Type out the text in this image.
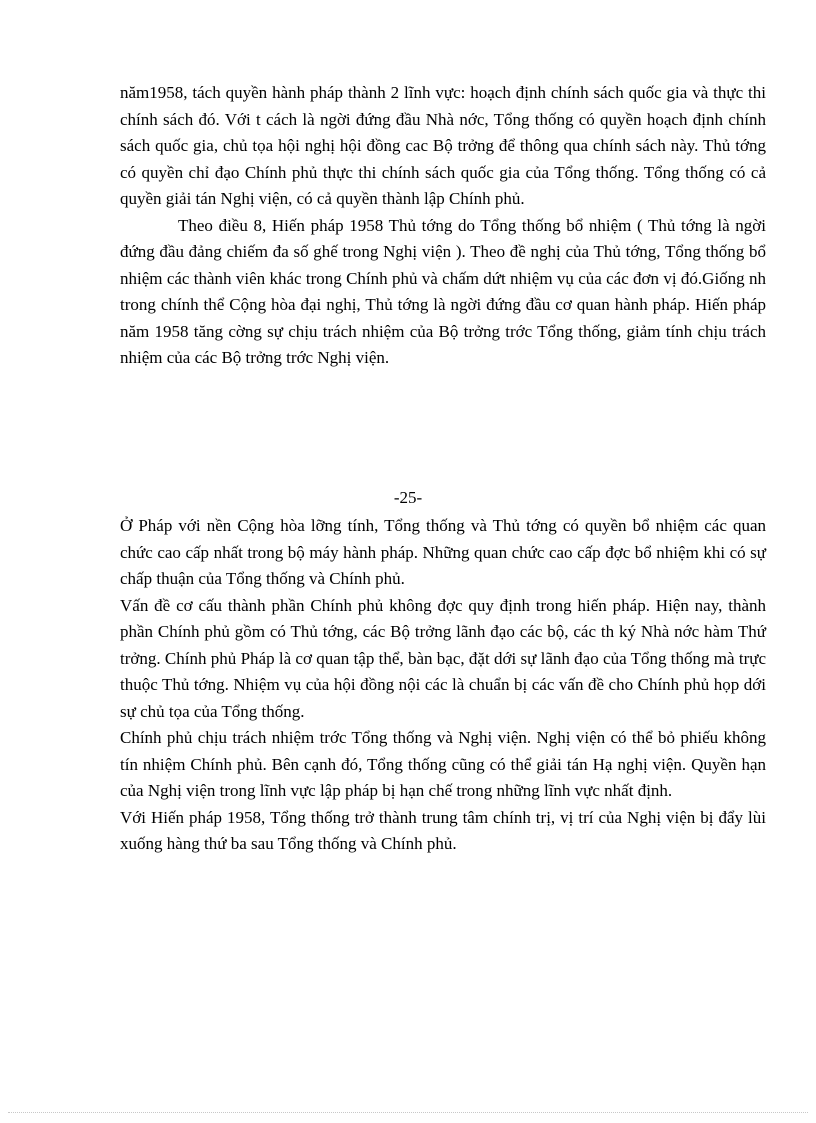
năm1958, tách quyền hành pháp thành 2 lĩnh vực: hoạch định chính sách quốc gia và thực thi chính sách đó. Với t cách là ngời đứng đầu Nhà nớc, Tổng thống có quyền hoạch định chính sách quốc gia, chủ tọa hội nghị hội đồng cac Bộ trởng để thông qua chính sách này. Thủ tớng có quyền chỉ đạo Chính phủ thực thi chính sách quốc gia của Tổng thống. Tổng thống có cả quyền giải tán Nghị viện, có cả quyền thành lập Chính phủ.

Theo điều 8, Hiến pháp 1958 Thủ tớng do Tổng thống bổ nhiệm ( Thủ tớng là ngời đứng đầu đảng chiếm đa số ghế trong Nghị viện ). Theo đề nghị của Thủ tớng, Tổng thống bổ nhiệm các thành viên khác trong Chính phủ và chấm dứt nhiệm vụ của các đơn vị đó.Giống nh trong chính thể Cộng hòa đại nghị, Thủ tớng là ngời đứng đầu cơ quan hành pháp. Hiến pháp năm 1958 tăng cờng sự chịu trách nhiệm của Bộ trởng trớc Tổng thống, giảm tính chịu trách nhiệm của các Bộ trởng trớc Nghị viện.

-25-

Ở Pháp với nền Cộng hòa lỡng tính, Tổng thống và Thủ tớng có quyền bổ nhiệm các quan chức cao cấp nhất trong bộ máy hành pháp. Những quan chức cao cấp đợc bổ nhiệm khi có sự chấp thuận của Tổng thống và Chính phủ.

Vấn đề cơ cấu thành phần Chính phủ không đợc quy định trong hiến pháp. Hiện nay, thành phần Chính phủ gồm có Thủ tớng, các Bộ trởng lãnh đạo các bộ, các th ký Nhà nớc hàm Thứ trởng. Chính phủ Pháp là cơ quan tập thể, bàn bạc, đặt dới sự lãnh đạo của Tổng thống mà trực thuộc Thủ tớng. Nhiệm vụ của hội đồng nội các là chuẩn bị các vấn đề cho Chính phủ họp dới sự chủ tọa của Tổng thống.

Chính phủ chịu trách nhiệm trớc Tổng thống và Nghị viện. Nghị viện có thể bỏ phiếu không tín nhiệm Chính phủ. Bên cạnh đó, Tổng thống cũng có thể giải tán Hạ nghị viện. Quyền hạn của Nghị viện trong lĩnh vực lập pháp bị hạn chế trong những lĩnh vực nhất định.

Với Hiến pháp 1958, Tổng thống trở thành trung tâm chính trị, vị trí của Nghị viện bị đẩy lùi xuống hàng thứ ba sau Tổng thống và Chính phủ.
